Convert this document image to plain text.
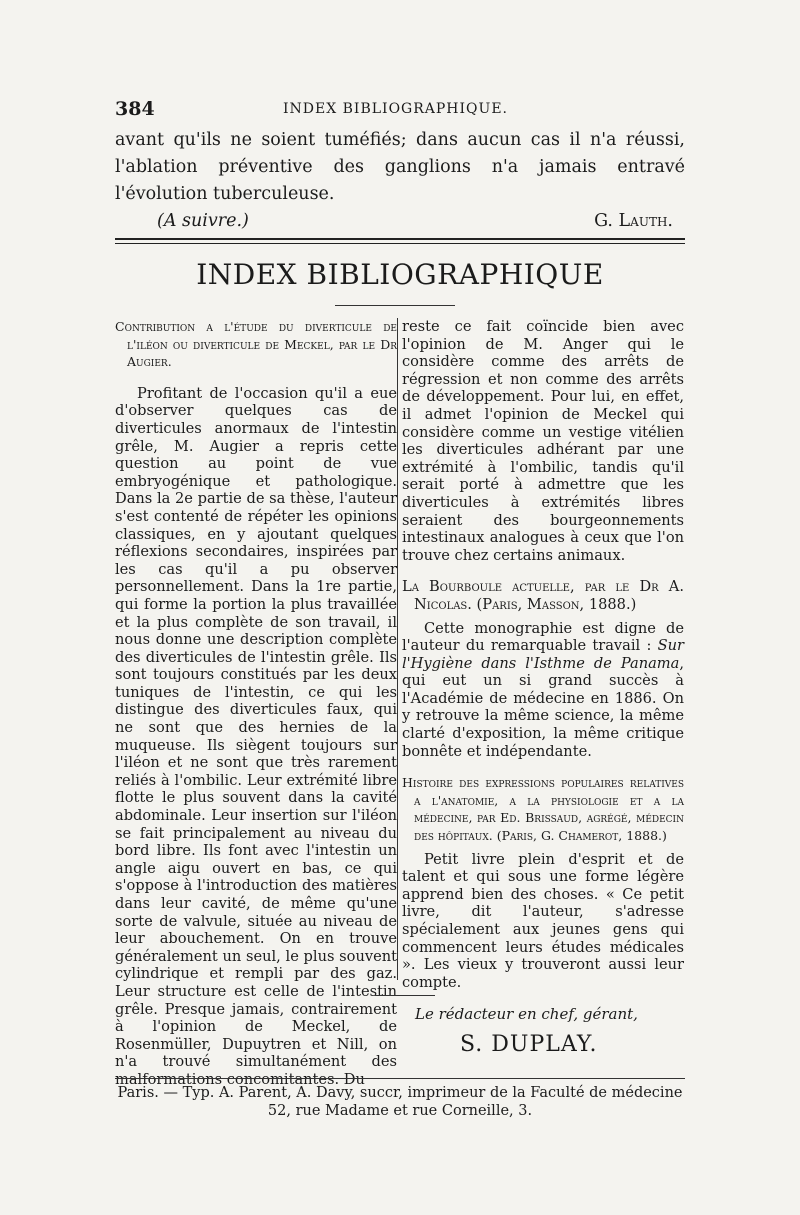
384	INDEX BIBLIOGRAPHIQUE.

avant qu'ils ne soient tuméfiés; dans aucun cas il n'a réussi, l'ablation préventive des ganglions n'a jamais entravé l'évolution tuberculeuse.

(A suivre.)	G. Lauth.
INDEX BIBLIOGRAPHIQUE

Contribution a l'étude du diverticule de l'iléon ou diverticule de Meckel, par le Dr Augier.

Profitant de l'occasion qu'il a eue d'observer quelques cas de diverticules anormaux de l'intestin grêle, M. Augier a repris cette question au point de vue embryogénique et pathologique. Dans la 2e partie de sa thèse, l'auteur s'est contenté de répéter les opinions classiques, en y ajoutant quelques réflexions secondaires, inspirées par les cas qu'il a pu observer personnellement. Dans la 1re partie, qui forme la portion la plus travaillée et la plus complète de son travail, il nous donne une description complète des diverticules de l'intestin grêle. Ils sont toujours constitués par les deux tuniques de l'intestin, ce qui les distingue des diverticules faux, qui ne sont que des hernies de la muqueuse. Ils siègent toujours sur l'iléon et ne sont que très rarement reliés à l'ombilic. Leur extrémité libre flotte le plus souvent dans la cavité abdominale. Leur insertion sur l'iléon se fait principalement au niveau du bord libre. Ils font avec l'intestin un angle aigu ouvert en bas, ce qui s'oppose à l'introduction des matières dans leur cavité, de même qu'une sorte de valvule, située au niveau de leur abouchement. On en trouve généralement un seul, le plus souvent cylindrique et rempli par des gaz. Leur structure est celle de l'intestin grêle. Presque jamais, contrairement à l'opinion de Meckel, de Rosenmüller, Dupuytren et Nill, on n'a trouvé simultanément des malformations concomitantes. Du

reste ce fait coïncide bien avec l'opinion de M. Anger qui le considère comme des arrêts de régression et non comme des arrêts de développement. Pour lui, en effet, il admet l'opinion de Meckel qui considère comme un vestige vitélien les diverticules adhérant par une extrémité à l'ombilic, tandis qu'il serait porté à admettre que les diverticules à extrémités libres seraient des bourgeonnements intestinaux analogues à ceux que l'on trouve chez certains animaux.

La Bourboule actuelle, par le Dr A. Nicolas. (Paris, Masson, 1888.)

Cette monographie est digne de l'auteur du remarquable travail : Sur l'Hygiène dans l'Isthme de Panama, qui eut un si grand succès à l'Académie de médecine en 1886. On y retrouve la même science, la même clarté d'exposition, la même critique bonnête et indépendante.

Histoire des expressions populaires relatives a l'anatomie, a la physiologie et a la médecine, par Ed. Brissaud, agrégé, médecin des hôpitaux. (Paris, G. Chamerot, 1888.)

Petit livre plein d'esprit et de talent et qui sous une forme légère apprend bien des choses. « Ce petit livre, dit l'auteur, s'adresse spécialement aux jeunes gens qui commencent leurs études médicales ». Les vieux y trouveront aussi leur compte.

Le rédacteur en chef, gérant,
S. DUPLAY.
Paris. — Typ. A. Parent, A. Davy, succr, imprimeur de la Faculté de médecine
52, rue Madame et rue Corneille, 3.
